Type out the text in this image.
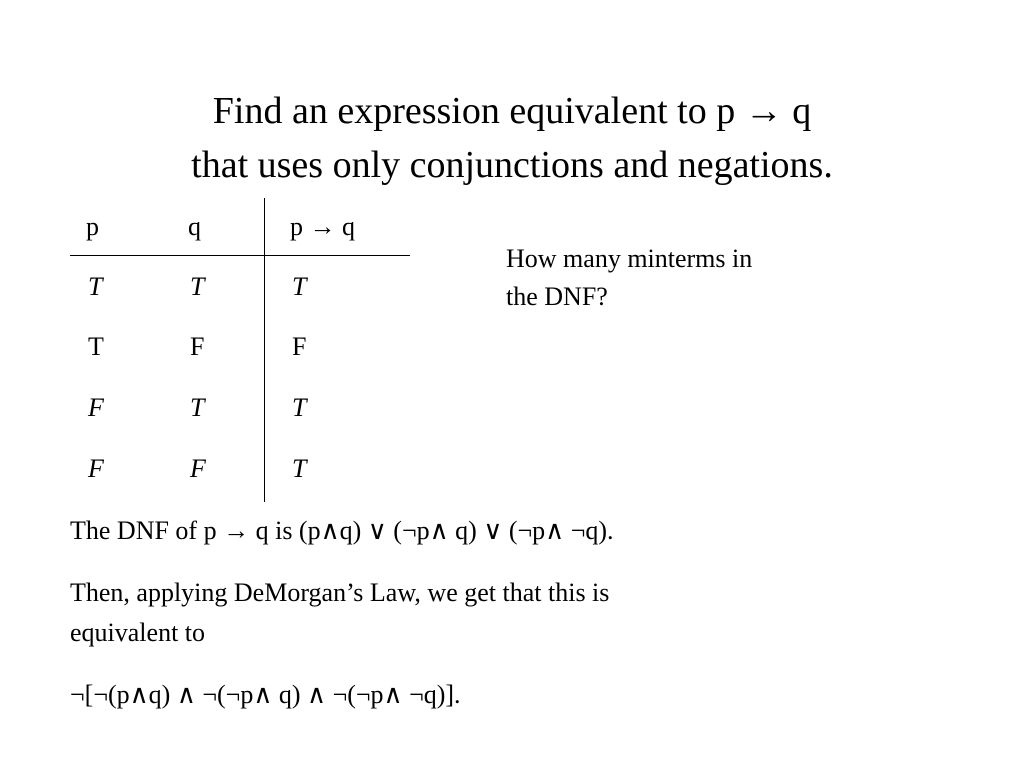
Find an expression equivalent to p → q
that uses only conjunctions and negations.
p	q	p → q
T	T	T
T	F	F
F	T	T
F	F	T
How many minterms in
the DNF?
The DNF of p → q is (p∧q) ∨ (¬p∧ q) ∨ (¬p∧ ¬q).
Then, applying DeMorgan’s Law, we get that this is
equivalent to
¬[¬(p∧q) ∧ ¬(¬p∧ q) ∧ ¬(¬p∧ ¬q)].
